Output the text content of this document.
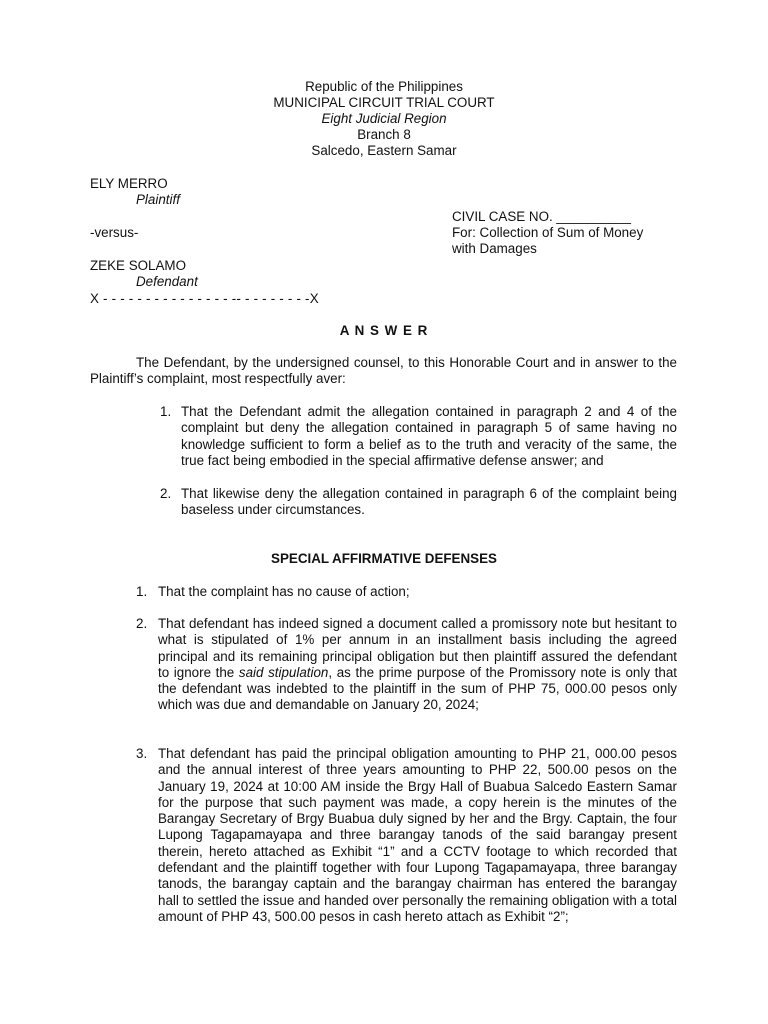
Republic of the Philippines
MUNICIPAL CIRCUIT TRIAL COURT
Eight Judicial Region
Branch 8
Salcedo, Eastern Samar
ELY MERRO
Plaintiff
-versus-
ZEKE SOLAMO
Defendant
X - - - - - - - - - - - - - - - -- - - - - - - - -X
CIVIL CASE NO. __________
For: Collection of Sum of Money
with Damages
A N S W E R
The Defendant, by the undersigned counsel, to this Honorable Court and in answer to the Plaintiff’s complaint, most respectfully aver:
1. That the Defendant admit the allegation contained in paragraph 2 and 4 of the complaint but deny the allegation contained in paragraph 5 of same having no knowledge sufficient to form a belief as to the truth and veracity of the same, the true fact being embodied in the special affirmative defense answer; and
2. That likewise deny the allegation contained in paragraph 6 of the complaint being baseless under circumstances.
SPECIAL AFFIRMATIVE DEFENSES
1. That the complaint has no cause of action;
2. That defendant has indeed signed a document called a promissory note but hesitant to what is stipulated of 1% per annum in an installment basis including the agreed principal and its remaining principal obligation but then plaintiff assured the defendant to ignore the said stipulation, as the prime purpose of the Promissory note is only that the defendant was indebted to the plaintiff in the sum of PHP 75, 000.00 pesos only which was due and demandable on January 20, 2024;
3. That defendant has paid the principal obligation amounting to PHP 21, 000.00 pesos and the annual interest of three years amounting to PHP 22, 500.00 pesos on the January 19, 2024 at 10:00 AM inside the Brgy Hall of Buabua Salcedo Eastern Samar for the purpose that such payment was made, a copy herein is the minutes of the Barangay Secretary of Brgy Buabua duly signed by her and the Brgy. Captain, the four Lupong Tagapamayapa and three barangay tanods of the said barangay present therein, hereto attached as Exhibit “1” and a CCTV footage to which recorded that defendant and the plaintiff together with four Lupong Tagapamayapa, three barangay tanods, the barangay captain and the barangay chairman has entered the barangay hall to settled the issue and handed over personally the remaining obligation with a total amount of PHP 43, 500.00 pesos in cash hereto attach as Exhibit “2”;
